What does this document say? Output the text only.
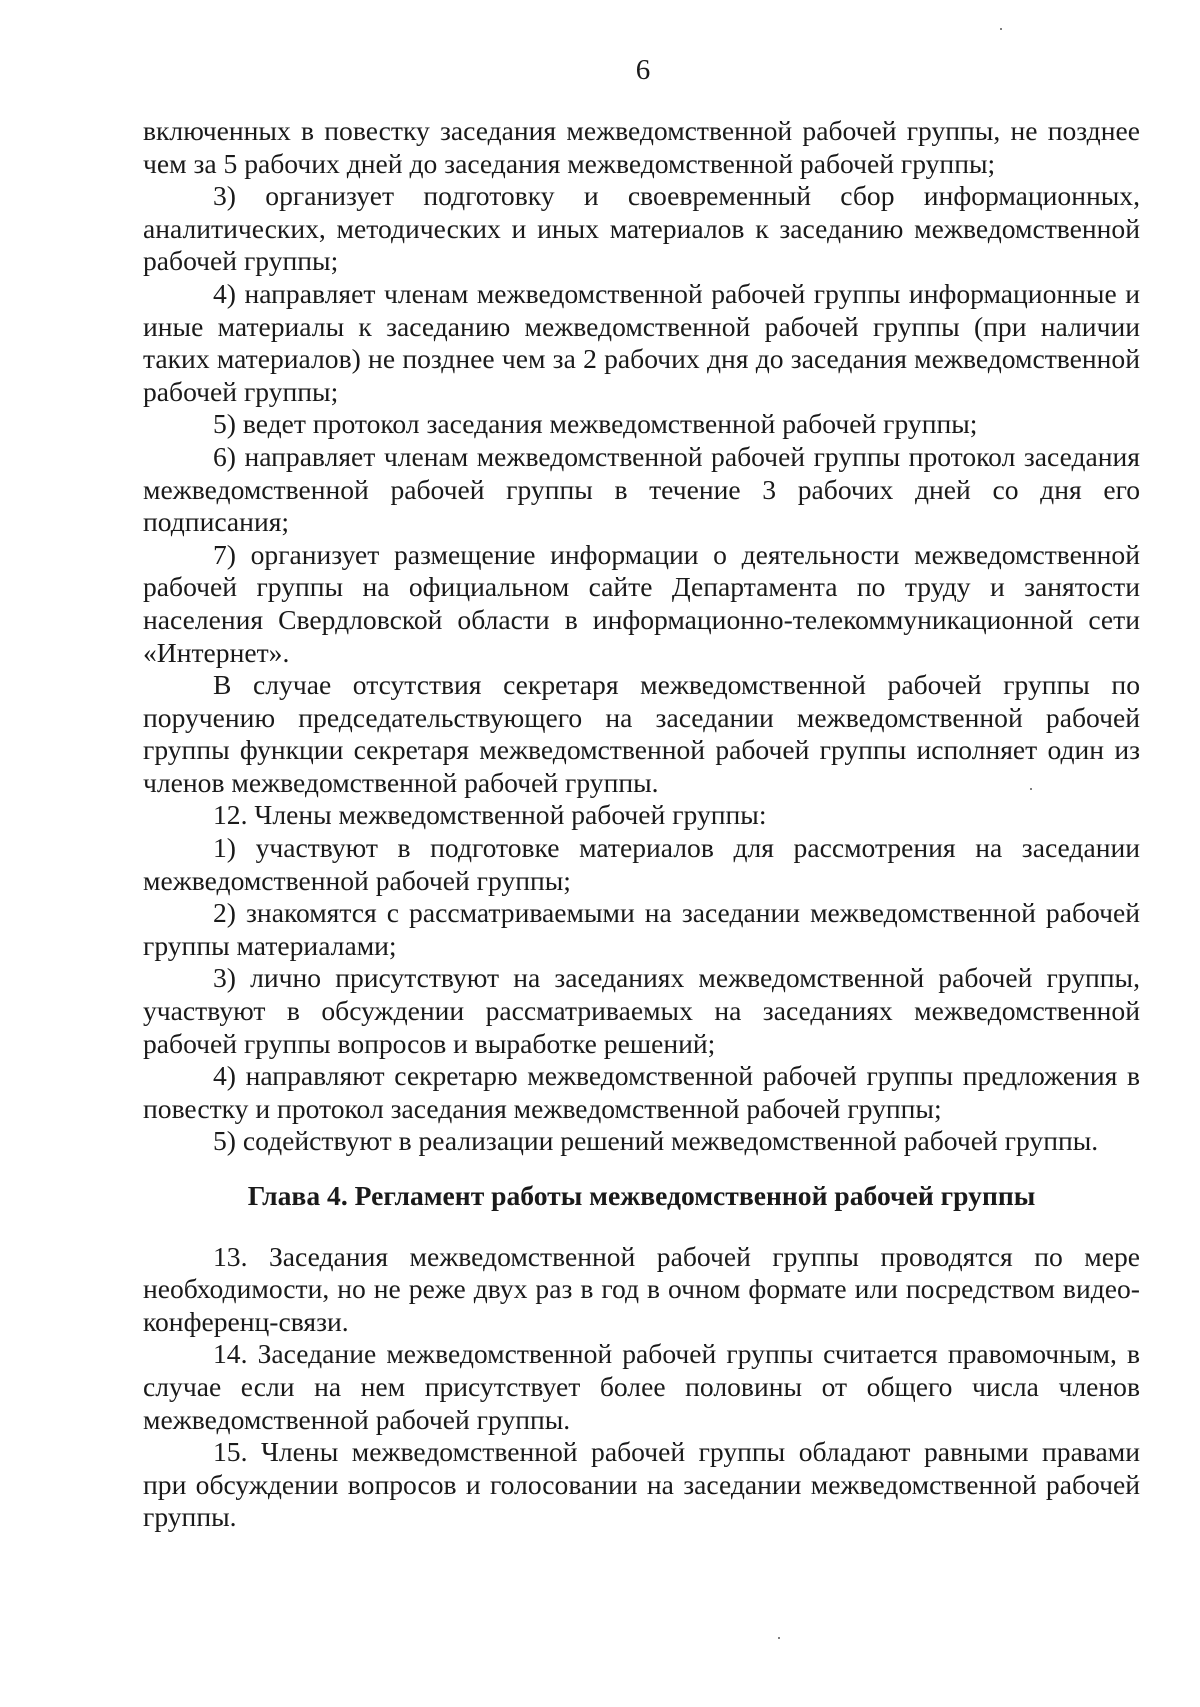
6

включенных в повестку заседания межведомственной рабочей группы, не позднее чем за 5 рабочих дней до заседания межведомственной рабочей группы;

3) организует подготовку и своевременный сбор информационных, аналитических, методических и иных материалов к заседанию межведомственной рабочей группы;

4) направляет членам межведомственной рабочей группы информационные и иные материалы к заседанию межведомственной рабочей группы (при наличии таких материалов) не позднее чем за 2 рабочих дня до заседания межведомственной рабочей группы;

5) ведет протокол заседания межведомственной рабочей группы;

6) направляет членам межведомственной рабочей группы протокол заседания межведомственной рабочей группы в течение 3 рабочих дней со дня его подписания;

7) организует размещение информации о деятельности межведомственной рабочей группы на официальном сайте Департамента по труду и занятости населения Свердловской области в информационно-телекоммуникационной сети «Интернет».

В случае отсутствия секретаря межведомственной рабочей группы по поручению председательствующего на заседании межведомственной рабочей группы функции секретаря межведомственной рабочей группы исполняет один из членов межведомственной рабочей группы.

12. Члены межведомственной рабочей группы:

1) участвуют в подготовке материалов для рассмотрения на заседании межведомственной рабочей группы;

2) знакомятся с рассматриваемыми на заседании межведомственной рабочей группы материалами;

3) лично присутствуют на заседаниях межведомственной рабочей группы, участвуют в обсуждении рассматриваемых на заседаниях межведомственной рабочей группы вопросов и выработке решений;

4) направляют секретарю межведомственной рабочей группы предложения в повестку и протокол заседания межведомственной рабочей группы;

5) содействуют в реализации решений межведомственной рабочей группы.

Глава 4. Регламент работы межведомственной рабочей группы

13. Заседания межведомственной рабочей группы проводятся по мере необходимости, но не реже двух раз в год в очном формате или посредством видео-конференц-связи.

14. Заседание межведомственной рабочей группы считается правомочным, в случае если на нем присутствует более половины от общего числа членов межведомственной рабочей группы.

15. Члены межведомственной рабочей группы обладают равными правами при обсуждении вопросов и голосовании на заседании межведомственной рабочей группы.
